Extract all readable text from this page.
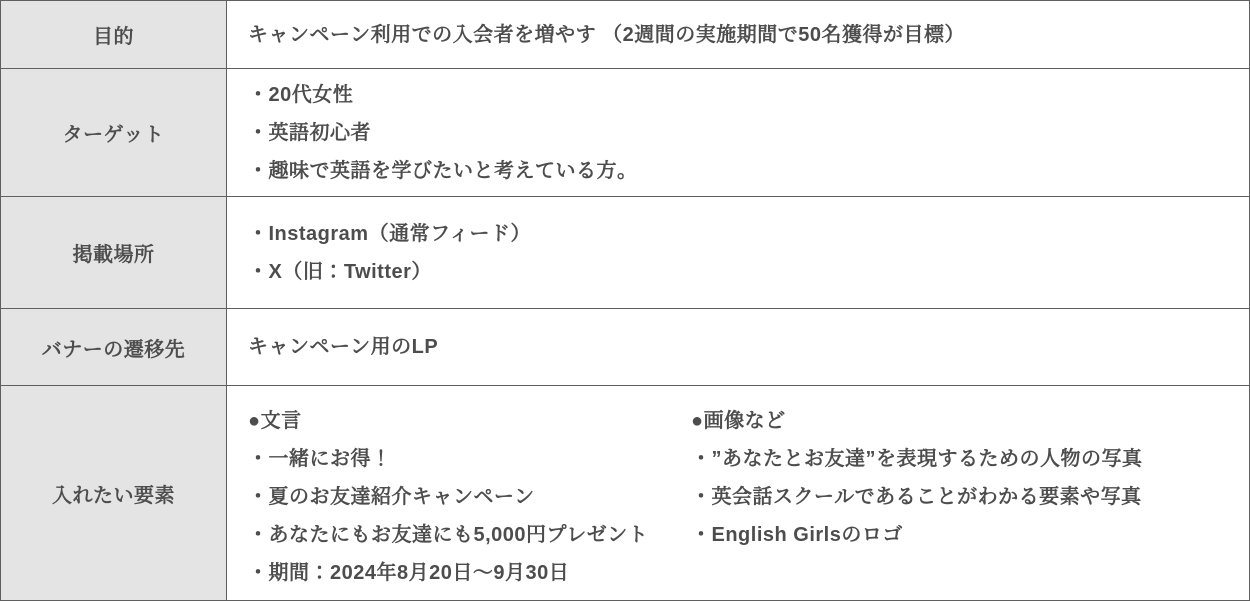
目的	キャンペーン利用での入会者を増やす （2週間の実施期間で50名獲得が目標）
ターゲット
・20代女性
・英語初心者
・趣味で英語を学びたいと考えている方。
掲載場所
・Instagram（通常フィード）
・X（旧：Twitter）
バナーの遷移先	キャンペーン用のLP
入れたい要素
●文言
・一緒にお得！
・夏のお友達紹介キャンペーン
・あなたにもお友達にも5,000円プレゼント
・期間：2024年8月20日〜9月30日
●画像など
・”あなたとお友達”を表現するための人物の写真
・英会話スクールであることがわかる要素や写真
・English Girlsのロゴ
